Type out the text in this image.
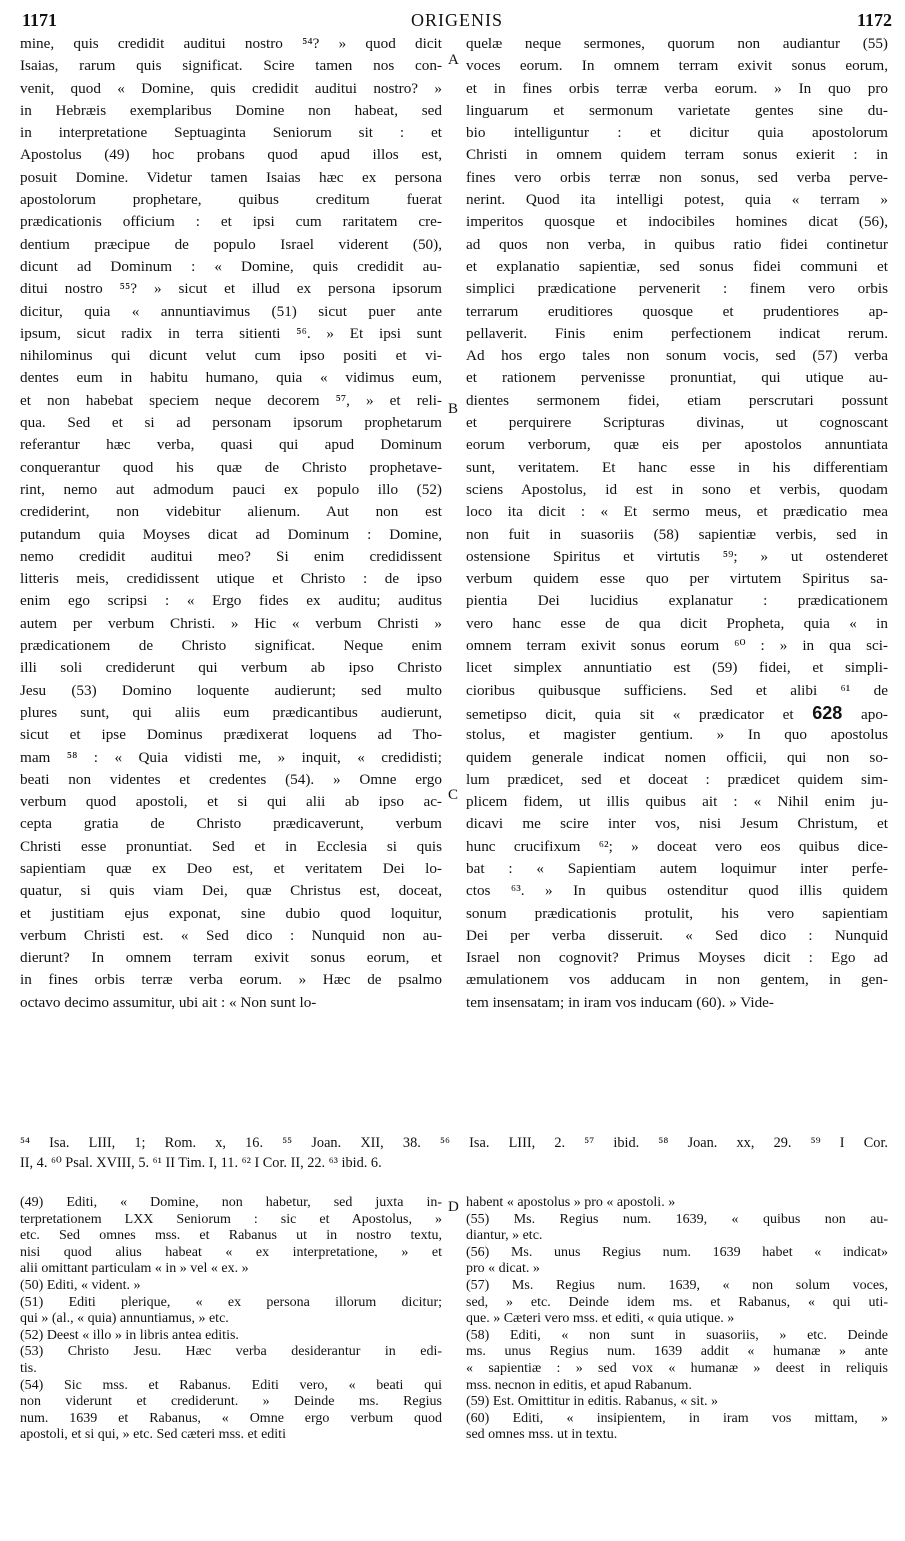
1171	ORIGENIS	1172
A
B
C
D
mine, quis credidit auditui nostro ⁵⁴? » quod dicit
Isaias, rarum quis significat. Scire tamen nos con-
venit, quod « Domine, quis credidit auditui nostro? »
in Hebræis exemplaribus Domine non habeat, sed
in interpretatione Septuaginta Seniorum sit : et
Apostolus (49) hoc probans quod apud illos est,
posuit Domine. Videtur tamen Isaias hæc ex persona
apostolorum prophetare, quibus creditum fuerat
prædicationis officium : et ipsi cum raritatem cre-
dentium præcipue de populo Israel viderent (50),
dicunt ad Dominum : « Domine, quis credidit au-
ditui nostro ⁵⁵? » sicut et illud ex persona ipsorum
dicitur, quia « annuntiavimus (51) sicut puer ante
ipsum, sicut radix in terra sitienti ⁵⁶. » Et ipsi sunt
nihilominus qui dicunt velut cum ipso positi et vi-
dentes eum in habitu humano, quia « vidimus eum,
et non habebat speciem neque decorem ⁵⁷, » et reli-
qua. Sed et si ad personam ipsorum prophetarum
referantur hæc verba, quasi qui apud Dominum
conquerantur quod his quæ de Christo prophetave-
rint, nemo aut admodum pauci ex populo illo (52)
crediderint, non videbitur alienum. Aut non est
putandum quia Moyses dicat ad Dominum : Domine,
nemo credidit auditui meo? Si enim credidissent
litteris meis, credidissent utique et Christo : de ipso
enim ego scripsi : « Ergo fides ex auditu; auditus
autem per verbum Christi. » Hic « verbum Christi »
prædicationem de Christo significat. Neque enim
illi soli crediderunt qui verbum ab ipso Christo
Jesu (53) Domino loquente audierunt; sed multo
plures sunt, qui aliis eum prædicantibus audierunt,
sicut et ipse Dominus prædixerat loquens ad Tho-
mam ⁵⁸ : « Quia vidisti me, » inquit, « credidisti;
beati non videntes et credentes (54). » Omne ergo
verbum quod apostoli, et si qui alii ab ipso ac-
cepta gratia de Christo prædicaverunt, verbum
Christi esse pronuntiat. Sed et in Ecclesia si quis
sapientiam quæ ex Deo est, et veritatem Dei lo-
quatur, si quis viam Dei, quæ Christus est, doceat,
et justitiam ejus exponat, sine dubio quod loquitur,
verbum Christi est. « Sed dico : Nunquid non au-
dierunt? In omnem terram exivit sonus eorum, et
in fines orbis terræ verba eorum. » Hæc de psalmo
octavo decimo assumitur, ubi ait : « Non sunt lo-
quelæ neque sermones, quorum non audiantur (55)
voces eorum. In omnem terram exivit sonus eorum,
et in fines orbis terræ verba eorum. » In quo pro
linguarum et sermonum varietate gentes sine du-
bio intelliguntur : et dicitur quia apostolorum
Christi in omnem quidem terram sonus exierit : in
fines vero orbis terræ non sonus, sed verba perve-
nerint. Quod ita intelligi potest, quia « terram »
imperitos quosque et indocibiles homines dicat (56),
ad quos non verba, in quibus ratio fidei continetur
et explanatio sapientiæ, sed sonus fidei communi et
simplici prædicatione pervenerit : finem vero orbis
terrarum eruditiores quosque et prudentiores ap-
pellaverit. Finis enim perfectionem indicat rerum.
Ad hos ergo tales non sonum vocis, sed (57) verba
et rationem pervenisse pronuntiat, qui utique au-
dientes sermonem fidei, etiam perscrutari possunt
et perquirere Scripturas divinas, ut cognoscant
eorum verborum, quæ eis per apostolos annuntiata
sunt, veritatem. Et hanc esse in his differentiam
sciens Apostolus, id est in sono et verbis, quodam
loco ita dicit : « Et sermo meus, et prædicatio mea
non fuit in suasoriis (58) sapientiæ verbis, sed in
ostensione Spiritus et virtutis ⁵⁹; » ut ostenderet
verbum quidem esse quo per virtutem Spiritus sa-
pientia Dei lucidius explanatur : prædicationem
vero hanc esse de qua dicit Propheta, quia « in
omnem terram exivit sonus eorum ⁶⁰ : » in qua sci-
licet simplex annuntiatio est (59) fidei, et simpli-
cioribus quibusque sufficiens. Sed et alibi ⁶¹ de
semetipso dicit, quia sit « prædicator et 628 apo-
stolus, et magister gentium. » In quo apostolus
quidem generale indicat nomen officii, qui non so-
lum prædicet, sed et doceat : prædicet quidem sim-
plicem fidem, ut illis quibus ait : « Nihil enim ju-
dicavi me scire inter vos, nisi Jesum Christum, et
hunc crucifixum ⁶²; » doceat vero eos quibus dice-
bat : « Sapientiam autem loquimur inter perfe-
ctos ⁶³. » In quibus ostenditur quod illis quidem
sonum prædicationis protulit, his vero sapientiam
Dei per verba disseruit. « Sed dico : Nunquid
Israel non cognovit? Primus Moyses dicit : Ego ad
æmulationem vos adducam in non gentem, in gen-
tem insensatam; in iram vos inducam (60). » Vide-
⁵⁴ Isa. LIII, 1; Rom. x, 16. ⁵⁵ Joan. XII, 38. ⁵⁶ Isa. LIII, 2. ⁵⁷ ibid. ⁵⁸ Joan. xx, 29. ⁵⁹ I Cor.
II, 4. ⁶⁰ Psal. XVIII, 5. ⁶¹ II Tim. I, 11. ⁶² I Cor. II, 22. ⁶³ ibid. 6.
(49) Editi, « Domine, non habetur, sed juxta in-
terpretationem LXX Seniorum : sic et Apostolus, »
etc. Sed omnes mss. et Rabanus ut in nostro textu,
nisi quod alius habeat « ex interpretatione, » et
alii omittant particulam « in » vel « ex. »
(50) Editi, « vident. »
(51) Editi plerique, « ex persona illorum dicitur;
qui » (al., « quia) annuntiamus, » etc.
(52) Deest « illo » in libris antea editis.
(53) Christo Jesu. Hæc verba desiderantur in edi-
tis.
(54) Sic mss. et Rabanus. Editi vero, « beati qui
non viderunt et crediderunt. » Deinde ms. Regius
num. 1639 et Rabanus, « Omne ergo verbum quod
apostoli, et si qui, » etc. Sed cæteri mss. et editi
habent « apostolus » pro « apostoli. »
(55) Ms. Regius num. 1639, « quibus non au-
diantur, » etc.
(56) Ms. unus Regius num. 1639 habet « indicat»
pro « dicat. »
(57) Ms. Regius num. 1639, « non solum voces,
sed, » etc. Deinde idem ms. et Rabanus, « qui uti-
que. » Cæteri vero mss. et editi, « quia utique. »
(58) Editi, « non sunt in suasoriis, » etc. Deinde
ms. unus Regius num. 1639 addit « humanæ » ante
« sapientiæ : » sed vox « humanæ » deest in reliquis
mss. necnon in editis, et apud Rabanum.
(59) Est. Omittitur in editis. Rabanus, « sit. »
(60) Editi, « insipientem, in iram vos mittam, »
sed omnes mss. ut in textu.
